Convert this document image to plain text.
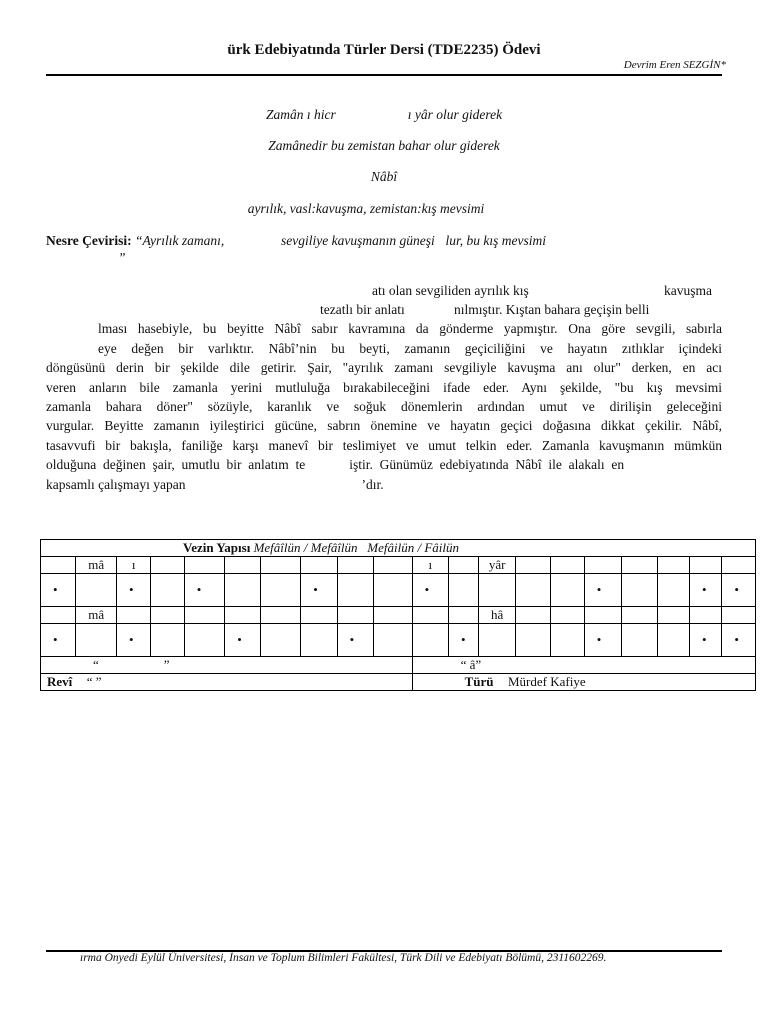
ürk Edebiyatında Türler Dersi (TDE2235) Ödevi
Devrim Eren SEZGİN*
Zamân ı hicr	ı yâr olur giderek
Zamânedir bu zemistan bahar olur giderek
Nâbî
ayrılık, vasl:kavuşma, zemistan:kış mevsimi
Nesre Çevirisi: “Ayrılık zamanı,	sevgiliye kavuşmanın güneşi lur, bu kış mevsimi
”
atı olan sevgiliden ayrılık kış	kavuşma
tezatlı bir anlatı	nılmıştır. Kıştan bahara geçişin belli
lması hasebiyle, bu beyitte Nâbî sabır kavramına da gönderme yapmıştır. Ona göre sevgili, sabırla
eye değen bir varlıktır. Nâbî’nin bu beyti, zamanın geçiciliğini ve hayatın zıtlıklar içindeki
döngüsünü derin bir şekilde dile getirir. Şair, "ayrılık zamanı sevgiliyle kavuşma anı olur" derken, en acı
veren anların bile zamanla yerini mutluluğa bırakabileceğini ifade eder. Aynı şekilde, "bu kış mevsimi
zamanla bahara döner" sözüyle, karanlık ve soğuk dönemlerin ardından umut ve dirilişin geleceğini
vurgular. Beyitte zamanın iyileştirici gücüne, sabrın önemine ve hayatın geçici doğasına dikkat çekilir. Nâbî,
tasavvufi bir bakışla, faniliğe karşı manevî bir teslimiyet ve umut telkin eder. Zamanla kavuşmanın mümkün
olduğuna  değinen  şair,  umutlu  bir  anlatım  te	iştir.  Günümüz  edebiyatında  Nâbî  ile  alakalı  en
kapsamlı çalışmayı yapan	’dır.
Vezin Yapısı Mefâîlün / Mefâîlün   Mefâilün / Fâilün																			
	mâ	ı								ı		yâr							
•		•		•			•			•					•			•	•
	mâ											hâ							
•		•			•			•			•				•			•	•
“                    ”										“ â”									
Revî “ ”										Türü Mürdef Kafiye									
ırma Onyedi Eylül Üniversitesi, İnsan ve Toplum Bilimleri Fakültesi, Türk Dili ve Edebiyatı Bölümü, 2311602269.
